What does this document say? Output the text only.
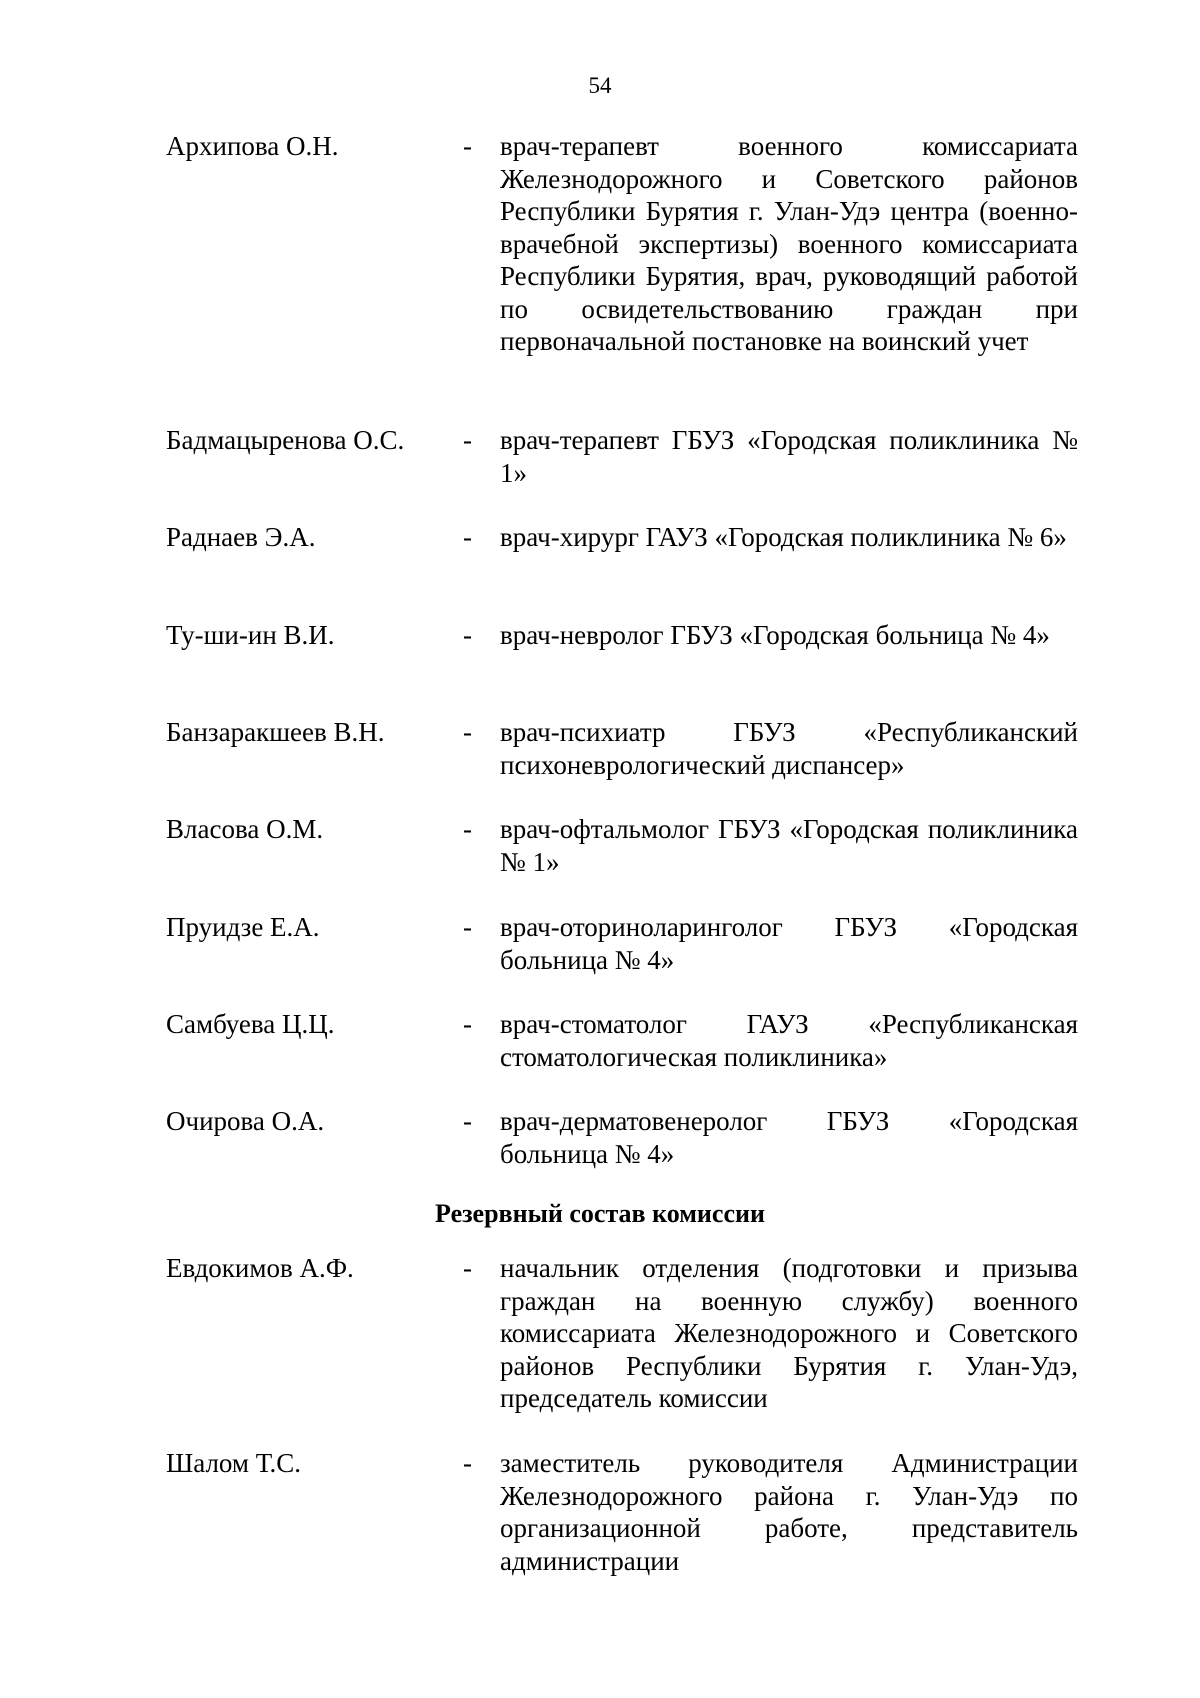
54
Архипова О.Н.	- врач-терапевт военного комиссариата Железнодорожного и Советского районов Республики Бурятия г. Улан-Удэ центра (военно-врачебной экспертизы) военного комиссариата Республики Бурятия, врач, руководящий работой по освидетельствованию граждан при первоначальной постановке на воинский учет
Бадмацыренова О.С. - врач-терапевт ГБУЗ «Городская поликлиника № 1»
Раднаев Э.А.	- врач-хирург ГАУЗ «Городская поликлиника № 6»
Ту-ши-ин В.И.	- врач-невролог ГБУЗ «Городская больница № 4»
Банзаракшеев В.Н.	- врач-психиатр ГБУЗ «Республиканский психоневрологический диспансер»
Власова О.М.	- врач-офтальмолог ГБУЗ «Городская поликлиника № 1»
Пруидзе Е.А.	- врач-оториноларинголог ГБУЗ «Городская больница № 4»
Самбуева Ц.Ц.	- врач-стоматолог ГАУЗ «Республиканская стоматологическая поликлиника»
Очирова О.А.	- врач-дерматовенеролог ГБУЗ «Городская больница № 4»
Резервный состав комиссии
Евдокимов А.Ф.	- начальник отделения (подготовки и призыва граждан на военную службу) военного комиссариата Железнодорожного и Советского районов Республики Бурятия г. Улан-Удэ, председатель комиссии
Шалом Т.С.	- заместитель руководителя Администрации Железнодорожного района г. Улан-Удэ по организационной работе, представитель администрации
